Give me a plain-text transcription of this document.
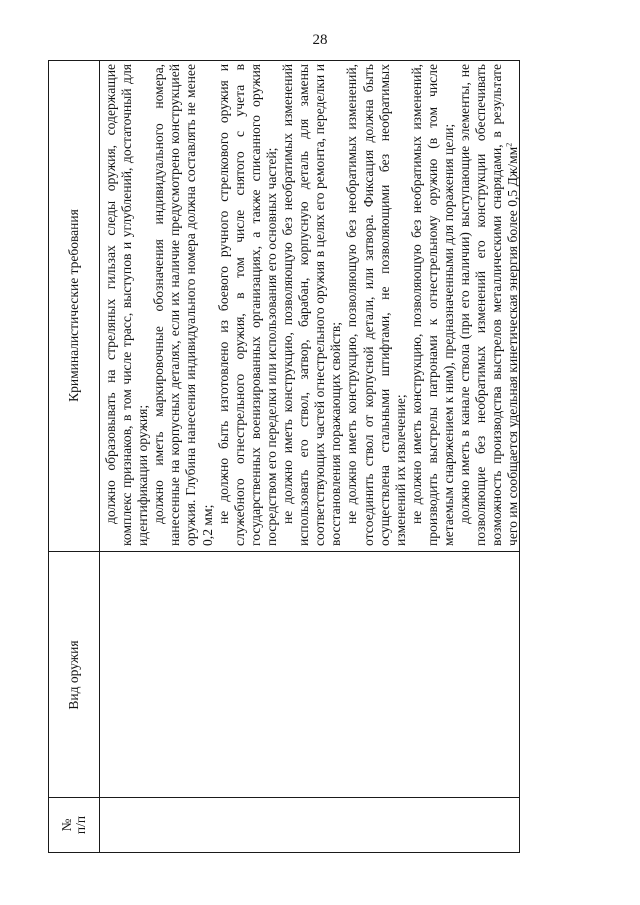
28
№ п/п
Вид оружия
Криминалистические требования	должно образовывать на стреляных гильзах следы оружия, содержащие комплекс признаков, в том числе трасс, выступов и углублений, достаточный для идентификации оружия; должно иметь маркировочные обозначения индивидуального номера, нанесенные на корпусных деталях, если их наличие предусмотрено конструкцией оружия. Глубина нанесения индивидуального номера должна составлять не менее 0,2 мм;

не должно быть изготовлено из боевого ручного стрелкового оружия и служебного огнестрельного оружия, в том числе снятого с учета в государственных военизированных организациях, а также списанного оружия посредством его переделки или использования его основных частей; не должно иметь конструкцию, позволяющую без необратимых изменений использовать его ствол, затвор, барабан, корпусную деталь для замены соответствующих частей огнестрельного оружия в целях его ремонта, переделки и восстановления поражающих свойств; не должно иметь конструкцию, позволяющую без необратимых изменений, отсоединить ствол от корпусной детали, или затвора. Фиксация должна быть осуществлена стальными штифтами, не позволяющими без необратимых изменений их извлечение; не должно иметь конструкцию, позволяющую без необратимых изменений, производить выстрелы патронами к огнестрельному оружию (в том числе метаемым снаряжением к ним), предназначенными для поражения цели; должно иметь в канале ствола (при его наличии) выступающие элементы, не позволяющие без необратимых изменений его конструкции обеспечивать возможность производства выстрелов металлическими снарядами, в результате чего им сообщается удельная кинетическая энергия более 0,5 $Дж/мм^2$
